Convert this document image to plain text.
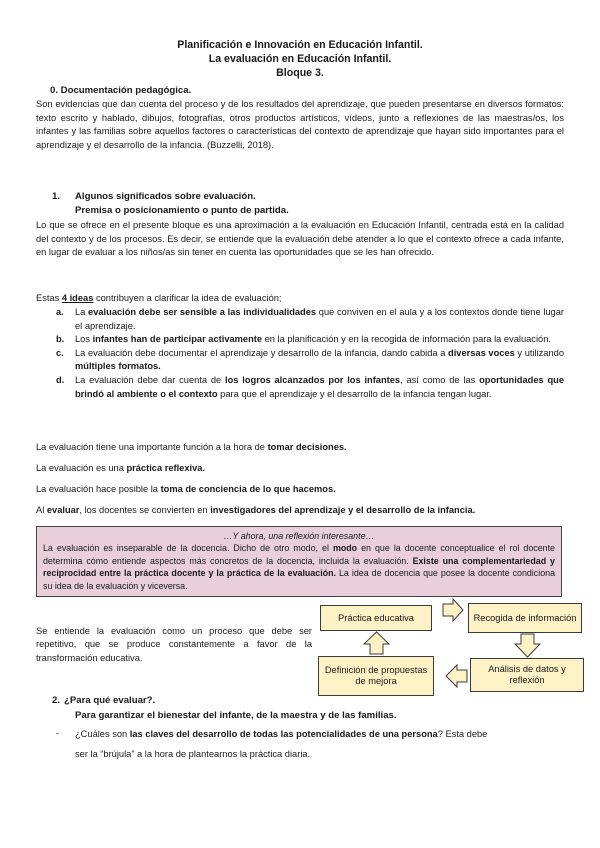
Planificación e Innovación en Educación Infantil.
La evaluación en Educación Infantil.
Bloque 3.
0. Documentación pedagógica.
Son evidencias que dan cuenta del proceso y de los resultados del aprendizaje, que pueden presentarse en diversos formatos: texto escrito y hablado, dibujos, fotografías, otros productos artísticos, vídeos, junto a reflexiones de las maestras/os, los infantes y las familias sobre aquellos factores o características del contexto de aprendizaje que hayan sido importantes para el aprendizaje y el desarrollo de la infancia. (Buzzelli, 2018).
1. Algunos significados sobre evaluación.
Premisa o posicionamiento o punto de partida.
Lo que se ofrece en el presente bloque es una aproximación a la evaluación en Educación Infantil, centrada está en la calidad del contexto y de los procesos. Es decir, se entiende que la evaluación debe atender a lo que el contexto ofrece a cada infante, en lugar de evaluar a los niños/as sin tener en cuenta las oportunidades que se les han ofrecido.
Estas 4 ideas contribuyen a clarificar la idea de evaluación;
a.	La evaluación debe ser sensible a las individualidades que conviven en el aula y a los contextos donde tiene lugar el aprendizaje.
b.	Los infantes han de participar activamente en la planificación y en la recogida de información para la evaluación.
c.	La evaluación debe documentar el aprendizaje y desarrollo de la infancia, dando cabida a diversas voces y utilizando múltiples formatos.
d.	La evaluación debe dar cuenta de los logros alcanzados por los infantes, así como de las oportunidades que brindó al ambiente o el contexto para que el aprendizaje y el desarrollo de la infancia tengan lugar.
La evaluación tiene una importante función a la hora de tomar decisiones.
La evaluación es una práctica reflexiva.
La evaluación hace posible la toma de conciencia de lo que hacemos.
Al evaluar, los docentes se convierten en investigadores del aprendizaje y el desarrollo de la infancia.
…Y ahora, una reflexión interesante…
La evaluación es inseparable de la docencia. Dicho de otro modo, el modo en que la docente conceptualice el rol docente determina cómo entiende aspectos más concretos de la docencia, incluida la evaluación. Existe una complementariedad y reciprocidad entre la práctica docente y la práctica de la evaluación. La idea de docencia que posee la docente condiciona su idea de la evaluación y viceversa.
Se entiende la evaluación como un proceso que debe ser repetitivo, que se produce constantemente a favor de la transformación educativa.
Práctica educativa	Recogida de información
Análisis de datos y reflexión
Definición de propuestas de mejora
2. ¿Para qué evaluar?.
Para garantizar el bienestar del infante, de la maestra y de las familias.
- ¿Cuáles son las claves del desarrollo de todas las potencialidades de una persona? Esta debe
ser la “brújula” a la hora de plantearnos la práctica diaria.
